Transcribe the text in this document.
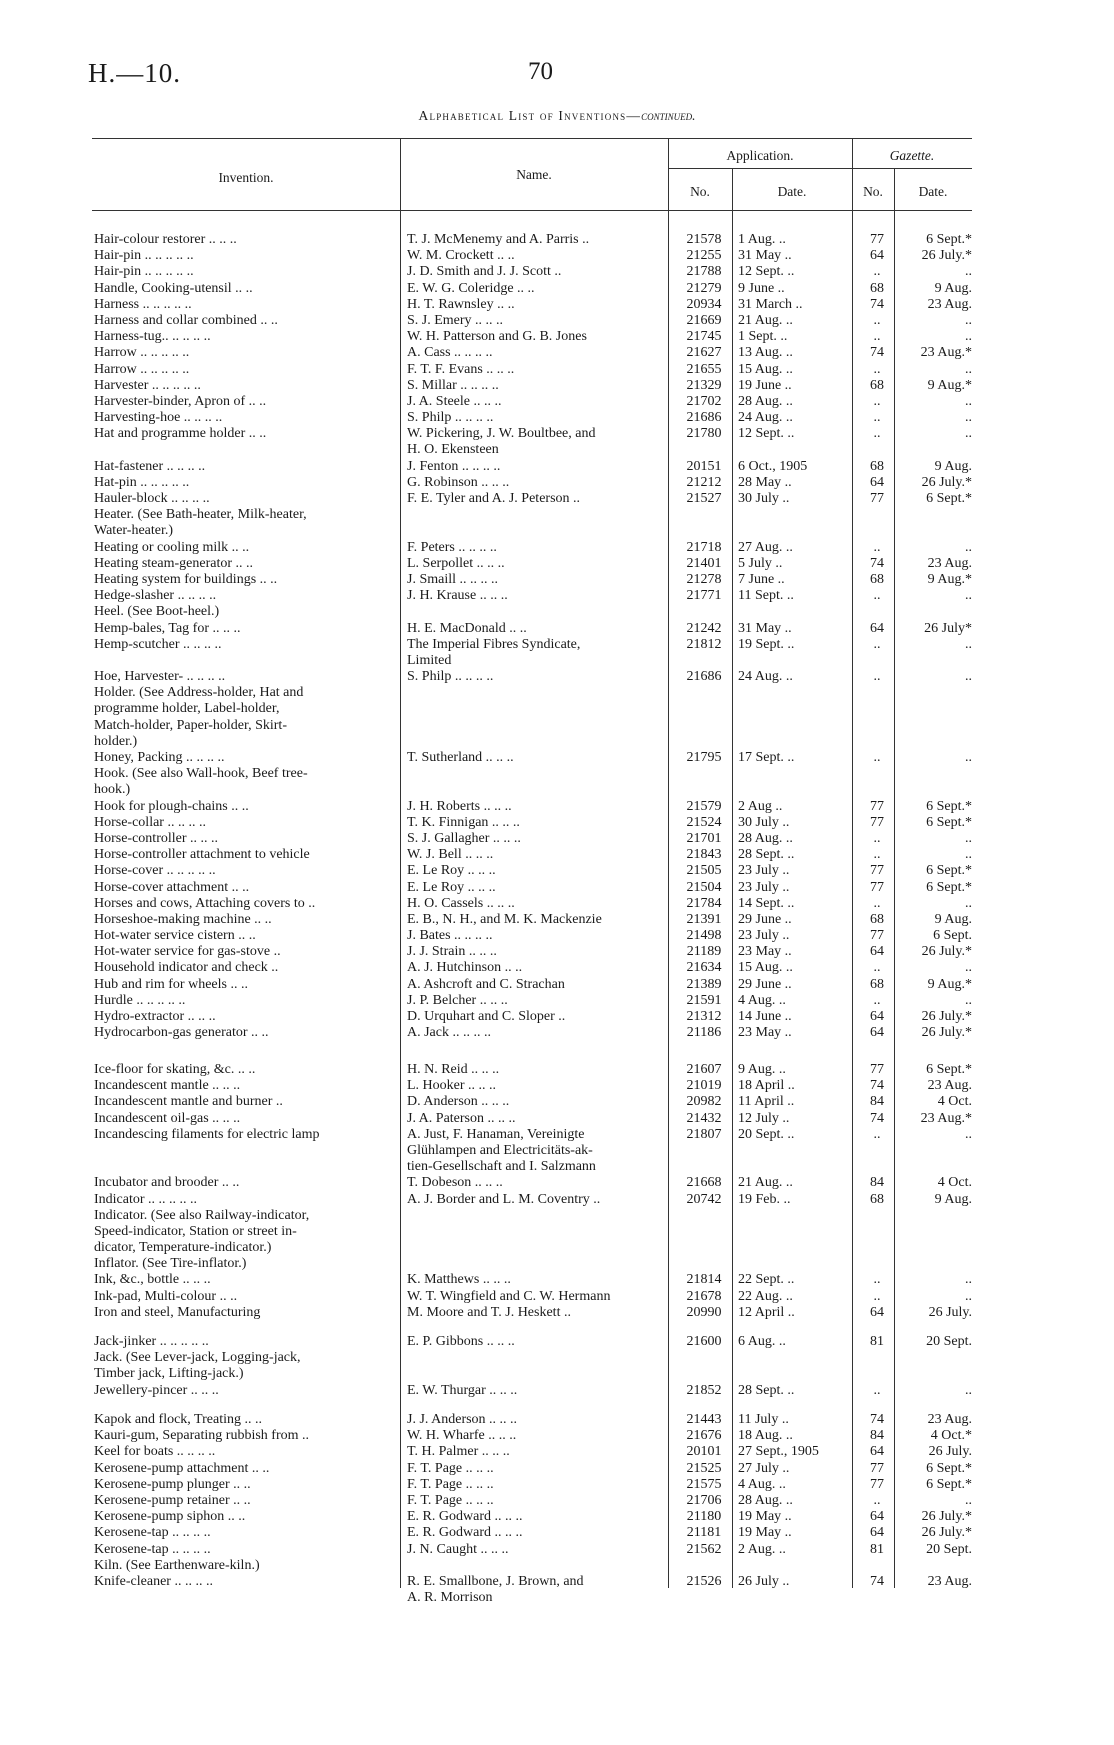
H.—10.	70
Alphabetical List of Inventions—continued.
Invention.	Name.
Application.	Gazette.
No.	Date.	No.	Date.
Hair-colour restorer .. .. ..	T. J. McMenemy and A. Parris ..	21578	1 Aug. ..	77	6 Sept.*
Hair-pin .. .. .. .. ..	W. M. Crockett .. ..	21255	31 May ..	64	26 July.*
Hair-pin .. .. .. .. ..	J. D. Smith and J. J. Scott ..	21788	12 Sept. ..	..	..
Handle, Cooking-utensil .. ..	E. W. G. Coleridge .. ..	21279	9 June ..	68	9 Aug.
Harness .. .. .. .. ..	H. T. Rawnsley .. ..	20934	31 March ..	74	23 Aug.
Harness and collar combined .. ..	S. J. Emery .. .. ..	21669	21 Aug. ..	..	..
Harness-tug.. .. .. .. ..	W. H. Patterson and G. B. Jones	21745	1 Sept. ..	..	..
Harrow .. .. .. .. ..	A. Cass .. .. .. ..	21627	13 Aug. ..	74	23 Aug.*
Harrow .. .. .. .. ..	F. T. F. Evans .. .. ..	21655	15 Aug. ..	..	..
Harvester .. .. .. .. ..	S. Millar .. .. .. ..	21329	19 June ..	68	9 Aug.*
Harvester-binder, Apron of .. ..	J. A. Steele .. .. ..	21702	28 Aug. ..	..	..
Harvesting-hoe .. .. .. ..	S. Philp .. .. .. ..	21686	24 Aug. ..	..	..
Hat and programme holder .. ..	W. Pickering, J. W. Boultbee, and	21780	12 Sept. ..	..	..
H. O. Ekensteen
Hat-fastener .. .. .. ..	J. Fenton .. .. .. ..	20151	6 Oct., 1905	68	9 Aug.
Hat-pin .. .. .. .. ..	G. Robinson .. .. ..	21212	28 May ..	64	26 July.*
Hauler-block .. .. .. ..	F. E. Tyler and A. J. Peterson ..	21527	30 July ..	77	6 Sept.*
Heater. (See Bath-heater, Milk-heater,
Water-heater.)
Heating or cooling milk .. ..	F. Peters .. .. .. ..	21718	27 Aug. ..	..	..
Heating steam-generator .. ..	L. Serpollet .. .. ..	21401	5 July ..	74	23 Aug.
Heating system for buildings .. ..	J. Smaill .. .. .. ..	21278	7 June ..	68	9 Aug.*
Hedge-slasher .. .. .. ..	J. H. Krause .. .. ..	21771	11 Sept. ..	..	..
Heel. (See Boot-heel.)
Hemp-bales, Tag for .. .. ..	H. E. MacDonald .. ..	21242	31 May ..	64	26 July*
Hemp-scutcher .. .. .. ..	The Imperial Fibres Syndicate,	21812	19 Sept. ..	..	..
Limited
Hoe, Harvester- .. .. .. ..	S. Philp .. .. .. ..	21686	24 Aug. ..	..	..
Holder. (See Address-holder, Hat and
programme holder, Label-holder,
Match-holder, Paper-holder, Skirt-
holder.)
Honey, Packing .. .. .. ..	T. Sutherland .. .. ..	21795	17 Sept. ..	..	..
Hook. (See also Wall-hook, Beef tree-
hook.)
Hook for plough-chains .. ..	J. H. Roberts .. .. ..	21579	2 Aug ..	77	6 Sept.*
Horse-collar .. .. .. ..	T. K. Finnigan .. .. ..	21524	30 July ..	77	6 Sept.*
Horse-controller .. .. ..	S. J. Gallagher .. .. ..	21701	28 Aug. ..	..	..
Horse-controller attachment to vehicle	W. J. Bell .. .. ..	21843	28 Sept. ..	..	..
Horse-cover .. .. .. .. ..	E. Le Roy .. .. ..	21505	23 July ..	77	6 Sept.*
Horse-cover attachment .. ..	E. Le Roy .. .. ..	21504	23 July ..	77	6 Sept.*
Horses and cows, Attaching covers to ..	H. O. Cassels .. .. ..	21784	14 Sept. ..	..	..
Horseshoe-making machine .. ..	E. B., N. H., and M. K. Mackenzie	21391	29 June ..	68	9 Aug.
Hot-water service cistern .. ..	J. Bates .. .. .. ..	21498	23 July ..	77	6 Sept.
Hot-water service for gas-stove ..	J. J. Strain .. .. ..	21189	23 May ..	64	26 July.*
Household indicator and check ..	A. J. Hutchinson .. ..	21634	15 Aug. ..	..	..
Hub and rim for wheels .. ..	A. Ashcroft and C. Strachan	21389	29 June ..	68	9 Aug.*
Hurdle .. .. .. .. ..	J. P. Belcher .. .. ..	21591	4 Aug. ..	..	..
Hydro-extractor .. .. ..	D. Urquhart and C. Sloper ..	21312	14 June ..	64	26 July.*
Hydrocarbon-gas generator .. ..	A. Jack .. .. .. ..	21186	23 May ..	64	26 July.*
Ice-floor for skating, &c. .. ..	H. N. Reid .. .. ..	21607	9 Aug. ..	77	6 Sept.*
Incandescent mantle .. .. ..	L. Hooker .. .. ..	21019	18 April ..	74	23 Aug.
Incandescent mantle and burner ..	D. Anderson .. .. ..	20982	11 April ..	84	4 Oct.
Incandescent oil-gas .. .. ..	J. A. Paterson .. .. ..	21432	12 July ..	74	23 Aug.*
Incandescing filaments for electric lamp	A. Just, F. Hanaman, Vereinigte	21807	20 Sept. ..	..	..
Glühlampen and Electricitäts-ak-
tien-Gesellschaft and I. Salzmann
Incubator and brooder .. ..	T. Dobeson .. .. ..	21668	21 Aug. ..	84	4 Oct.
Indicator .. .. .. .. ..	A. J. Border and L. M. Coventry ..	20742	19 Feb. ..	68	9 Aug.
Indicator. (See also Railway-indicator,
Speed-indicator, Station or street in-
dicator, Temperature-indicator.)
Inflator. (See Tire-inflator.)
Ink, &c., bottle .. .. ..	K. Matthews .. .. ..	21814	22 Sept. ..	..	..
Ink-pad, Multi-colour .. ..	W. T. Wingfield and C. W. Hermann	21678	22 Aug. ..	..	..
Iron and steel, Manufacturing	M. Moore and T. J. Heskett ..	20990	12 April ..	64	26 July.
Jack-jinker .. .. .. .. ..	E. P. Gibbons .. .. ..	21600	6 Aug. ..	81	20 Sept.
Jack. (See Lever-jack, Logging-jack,
Timber jack, Lifting-jack.)
Jewellery-pincer .. .. ..	E. W. Thurgar .. .. ..	21852	28 Sept. ..	..	..
Kapok and flock, Treating .. ..	J. J. Anderson .. .. ..	21443	11 July ..	74	23 Aug.
Kauri-gum, Separating rubbish from ..	W. H. Wharfe .. .. ..	21676	18 Aug. ..	84	4 Oct.*
Keel for boats .. .. .. ..	T. H. Palmer .. .. ..	20101	27 Sept., 1905	64	26 July.
Kerosene-pump attachment .. ..	F. T. Page .. .. ..	21525	27 July ..	77	6 Sept.*
Kerosene-pump plunger .. ..	F. T. Page .. .. ..	21575	4 Aug. ..	77	6 Sept.*
Kerosene-pump retainer .. ..	F. T. Page .. .. ..	21706	28 Aug. ..	..	..
Kerosene-pump siphon .. ..	E. R. Godward .. .. ..	21180	19 May ..	64	26 July.*
Kerosene-tap .. .. .. ..	E. R. Godward .. .. ..	21181	19 May ..	64	26 July.*
Kerosene-tap .. .. .. ..	J. N. Caught .. .. ..	21562	2 Aug. ..	81	20 Sept.
Kiln. (See Earthenware-kiln.)
Knife-cleaner .. .. .. ..	R. E. Smallbone, J. Brown, and	21526	26 July ..	74	23 Aug.
A. R. Morrison
